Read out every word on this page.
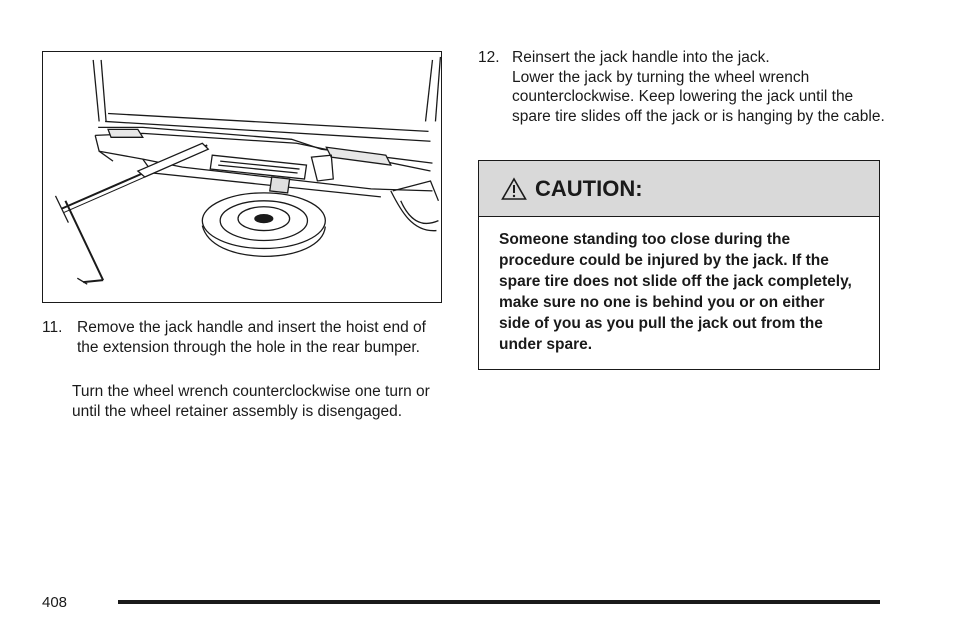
11. Remove the jack handle and insert the hoist end of the extension through the hole in the rear bumper.
Turn the wheel wrench counterclockwise one turn or until the wheel retainer assembly is disengaged.
12. Reinsert the jack handle into the jack.
Lower the jack by turning the wheel wrench counterclockwise. Keep lowering the jack until the spare tire slides off the jack or is hanging by the cable.
CAUTION:
Someone standing too close during the procedure could be injured by the jack. If the spare tire does not slide off the jack completely, make sure no one is behind you or on either side of you as you pull the jack out from the under spare.
408
